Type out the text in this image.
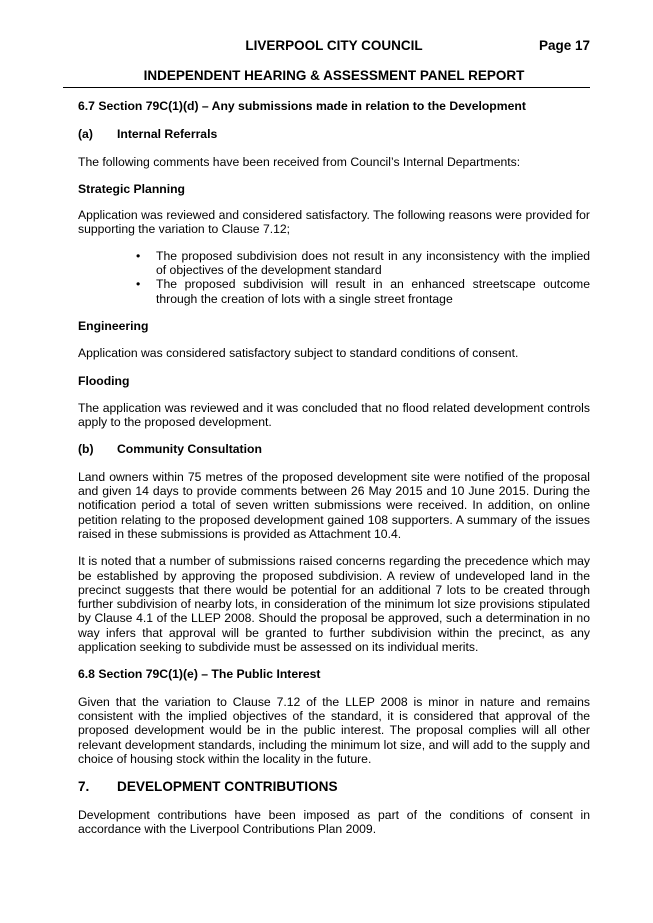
LIVERPOOL CITY COUNCIL	Page 17
INDEPENDENT HEARING & ASSESSMENT PANEL REPORT

6.7 Section 79C(1)(d) – Any submissions made in relation to the Development

(a)	Internal Referrals

The following comments have been received from Council’s Internal Departments:

Strategic Planning

Application was reviewed and considered satisfactory. The following reasons were provided for supporting the variation to Clause 7.12;

• The proposed subdivision does not result in any inconsistency with the implied of objectives of the development standard
• The proposed subdivision will result in an enhanced streetscape outcome through the creation of lots with a single street frontage

Engineering

Application was considered satisfactory subject to standard conditions of consent.

Flooding

The application was reviewed and it was concluded that no flood related development controls apply to the proposed development.

(b)	Community Consultation

Land owners within 75 metres of the proposed development site were notified of the proposal and given 14 days to provide comments between 26 May 2015 and 10 June 2015. During the notification period a total of seven written submissions were received. In addition, on online petition relating to the proposed development gained 108 supporters. A summary of the issues raised in these submissions is provided as Attachment 10.4.

It is noted that a number of submissions raised concerns regarding the precedence which may be established by approving the proposed subdivision. A review of undeveloped land in the precinct suggests that there would be potential for an additional 7 lots to be created through further subdivision of nearby lots, in consideration of the minimum lot size provisions stipulated by Clause 4.1 of the LLEP 2008. Should the proposal be approved, such a determination in no way infers that approval will be granted to further subdivision within the precinct, as any application seeking to subdivide must be assessed on its individual merits.

6.8 Section 79C(1)(e) – The Public Interest

Given that the variation to Clause 7.12 of the LLEP 2008 is minor in nature and remains consistent with the implied objectives of the standard, it is considered that approval of the proposed development would be in the public interest. The proposal complies will all other relevant development standards, including the minimum lot size, and will add to the supply and choice of housing stock within the locality in the future.

7.	DEVELOPMENT CONTRIBUTIONS

Development contributions have been imposed as part of the conditions of consent in accordance with the Liverpool Contributions Plan 2009.
